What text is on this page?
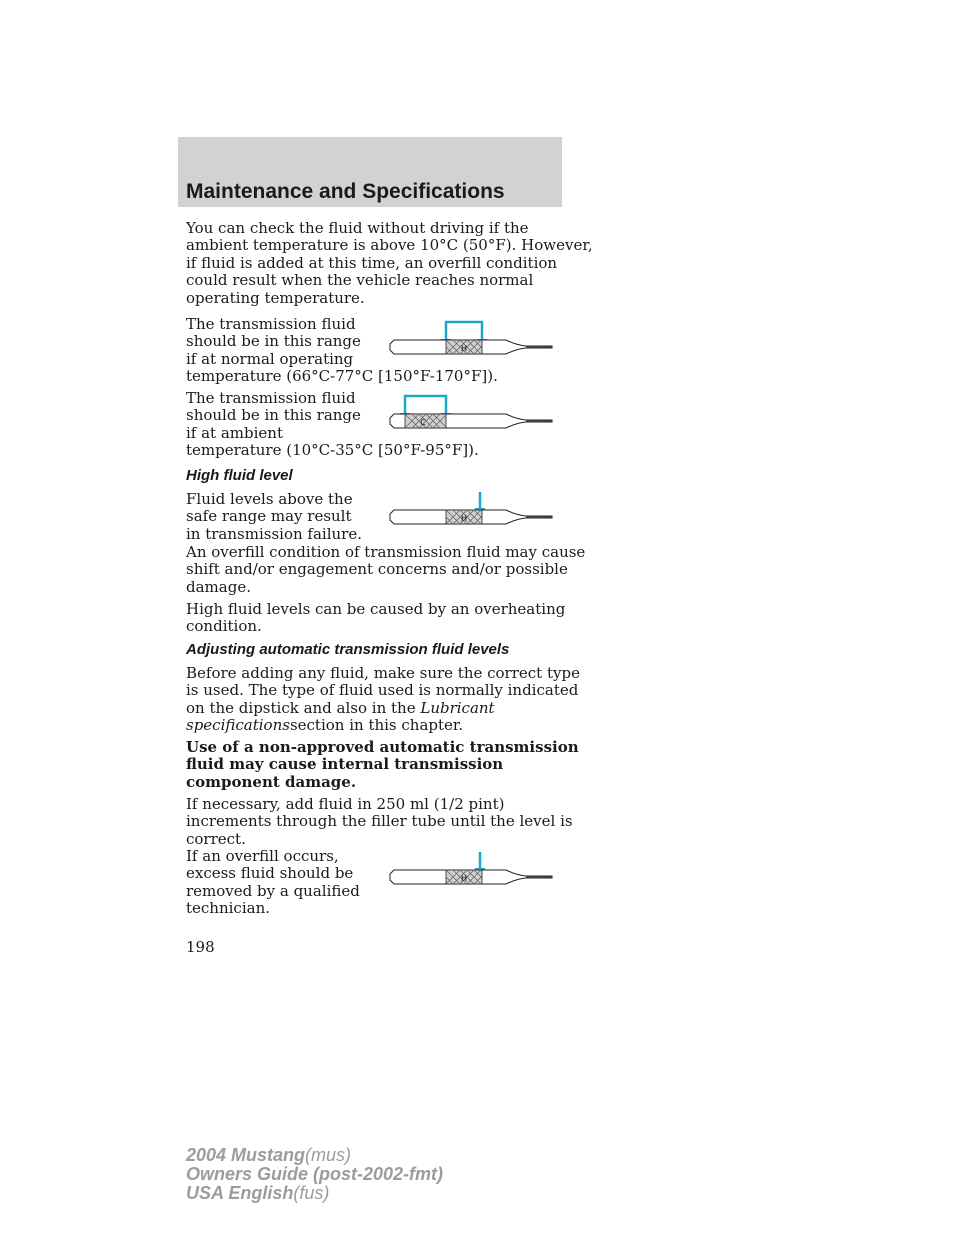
Maintenance and Specifications

You can check the fluid without driving if the
ambient temperature is above 10°C (50°F). However,
if fluid is added at this time, an overfill condition
could result when the vehicle reaches normal
operating temperature.

H

The transmission fluid
should be in this range
if at normal operating
temperature (66°C-77°C [150°F-170°F]).

C

The transmission fluid
should be in this range
if at ambient
temperature (10°C-35°C [50°F-95°F]).

High fluid level
H

Fluid levels above the
safe range may result
in transmission failure.

An overfill condition of transmission fluid may cause
shift and/or engagement concerns and/or possible
damage.

High fluid levels can be caused by an overheating
condition.

Adjusting automatic transmission fluid levels

Before adding any fluid, make sure the correct type
is used. The type of fluid used is normally indicated
on the dipstick and also in the Lubricant
specificationssection in this chapter.

Use of a non-approved automatic transmission
fluid may cause internal transmission
component damage.

If necessary, add fluid in 250 ml (1/2 pint)
increments through the filler tube until the level is
correct.

H

If an overfill occurs,
excess fluid should be
removed by a qualified
technician.

198
2004 Mustang(mus)
Owners Guide (post-2002-fmt)
USA English(fus)
